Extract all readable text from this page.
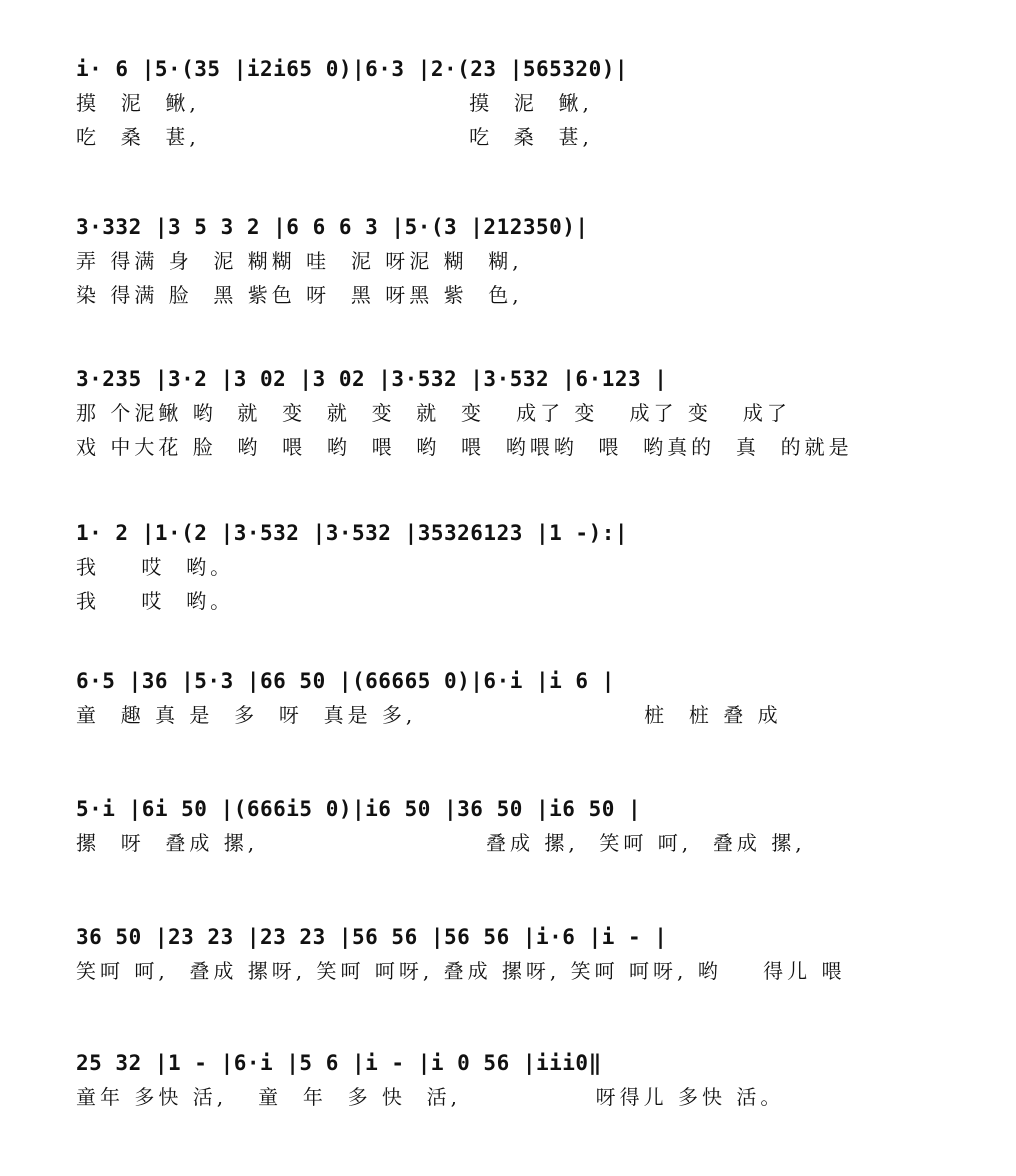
i· 6 |5·(35 |i2i65 0)|6·3 |2·(23 |565320)|
摸  泥  鳅,                          摸  泥  鳅,
吃  桑  葚,                          吃  桑  葚,
3·332 |3 5 3 2 |6 6 6 3 |5·(3 |212350)|
弄 得满 身  泥 糊糊 哇  泥 呀泥 糊  糊,
染 得满 脸  黑 紫色 呀  黑 呀黑 紫  色,
3·235 |3·2 |3 02 |3 02 |3·532 |3·532 |6·123 |
那 个泥鳅 哟  就  变  就  变  就  变   成了 变   成了 变   成了
戏 中大花 脸  哟  喂  哟  喂  哟  喂  哟喂哟  喂  哟真的  真  的就是
1· 2 |1·(2 |3·532 |3·532 |35326123 |1 -):|
我    哎  哟。
我    哎  哟。
6·5 |36 |5·3 |66 50 |(66665 0)|6·i |i 6 |
童  趣 真 是  多  呀  真是 多,                      桩  桩 叠 成
5·i |6i 50 |(666i5 0)|i6 50 |36 50 |i6 50 |
摞  呀  叠成 摞,                      叠成 摞,  笑呵 呵,  叠成 摞,
36 50 |23 23 |23 23 |56 56 |56 56 |i·6 |i - |
笑呵 呵,  叠成 摞呀, 笑呵 呵呀, 叠成 摞呀, 笑呵 呵呀, 哟    得儿 喂
25 32 |1 - |6·i |5 6 |i - |i 0 56 |iii0‖
童年 多快 活,   童  年  多 快  活,             呀得儿 多快 活。
